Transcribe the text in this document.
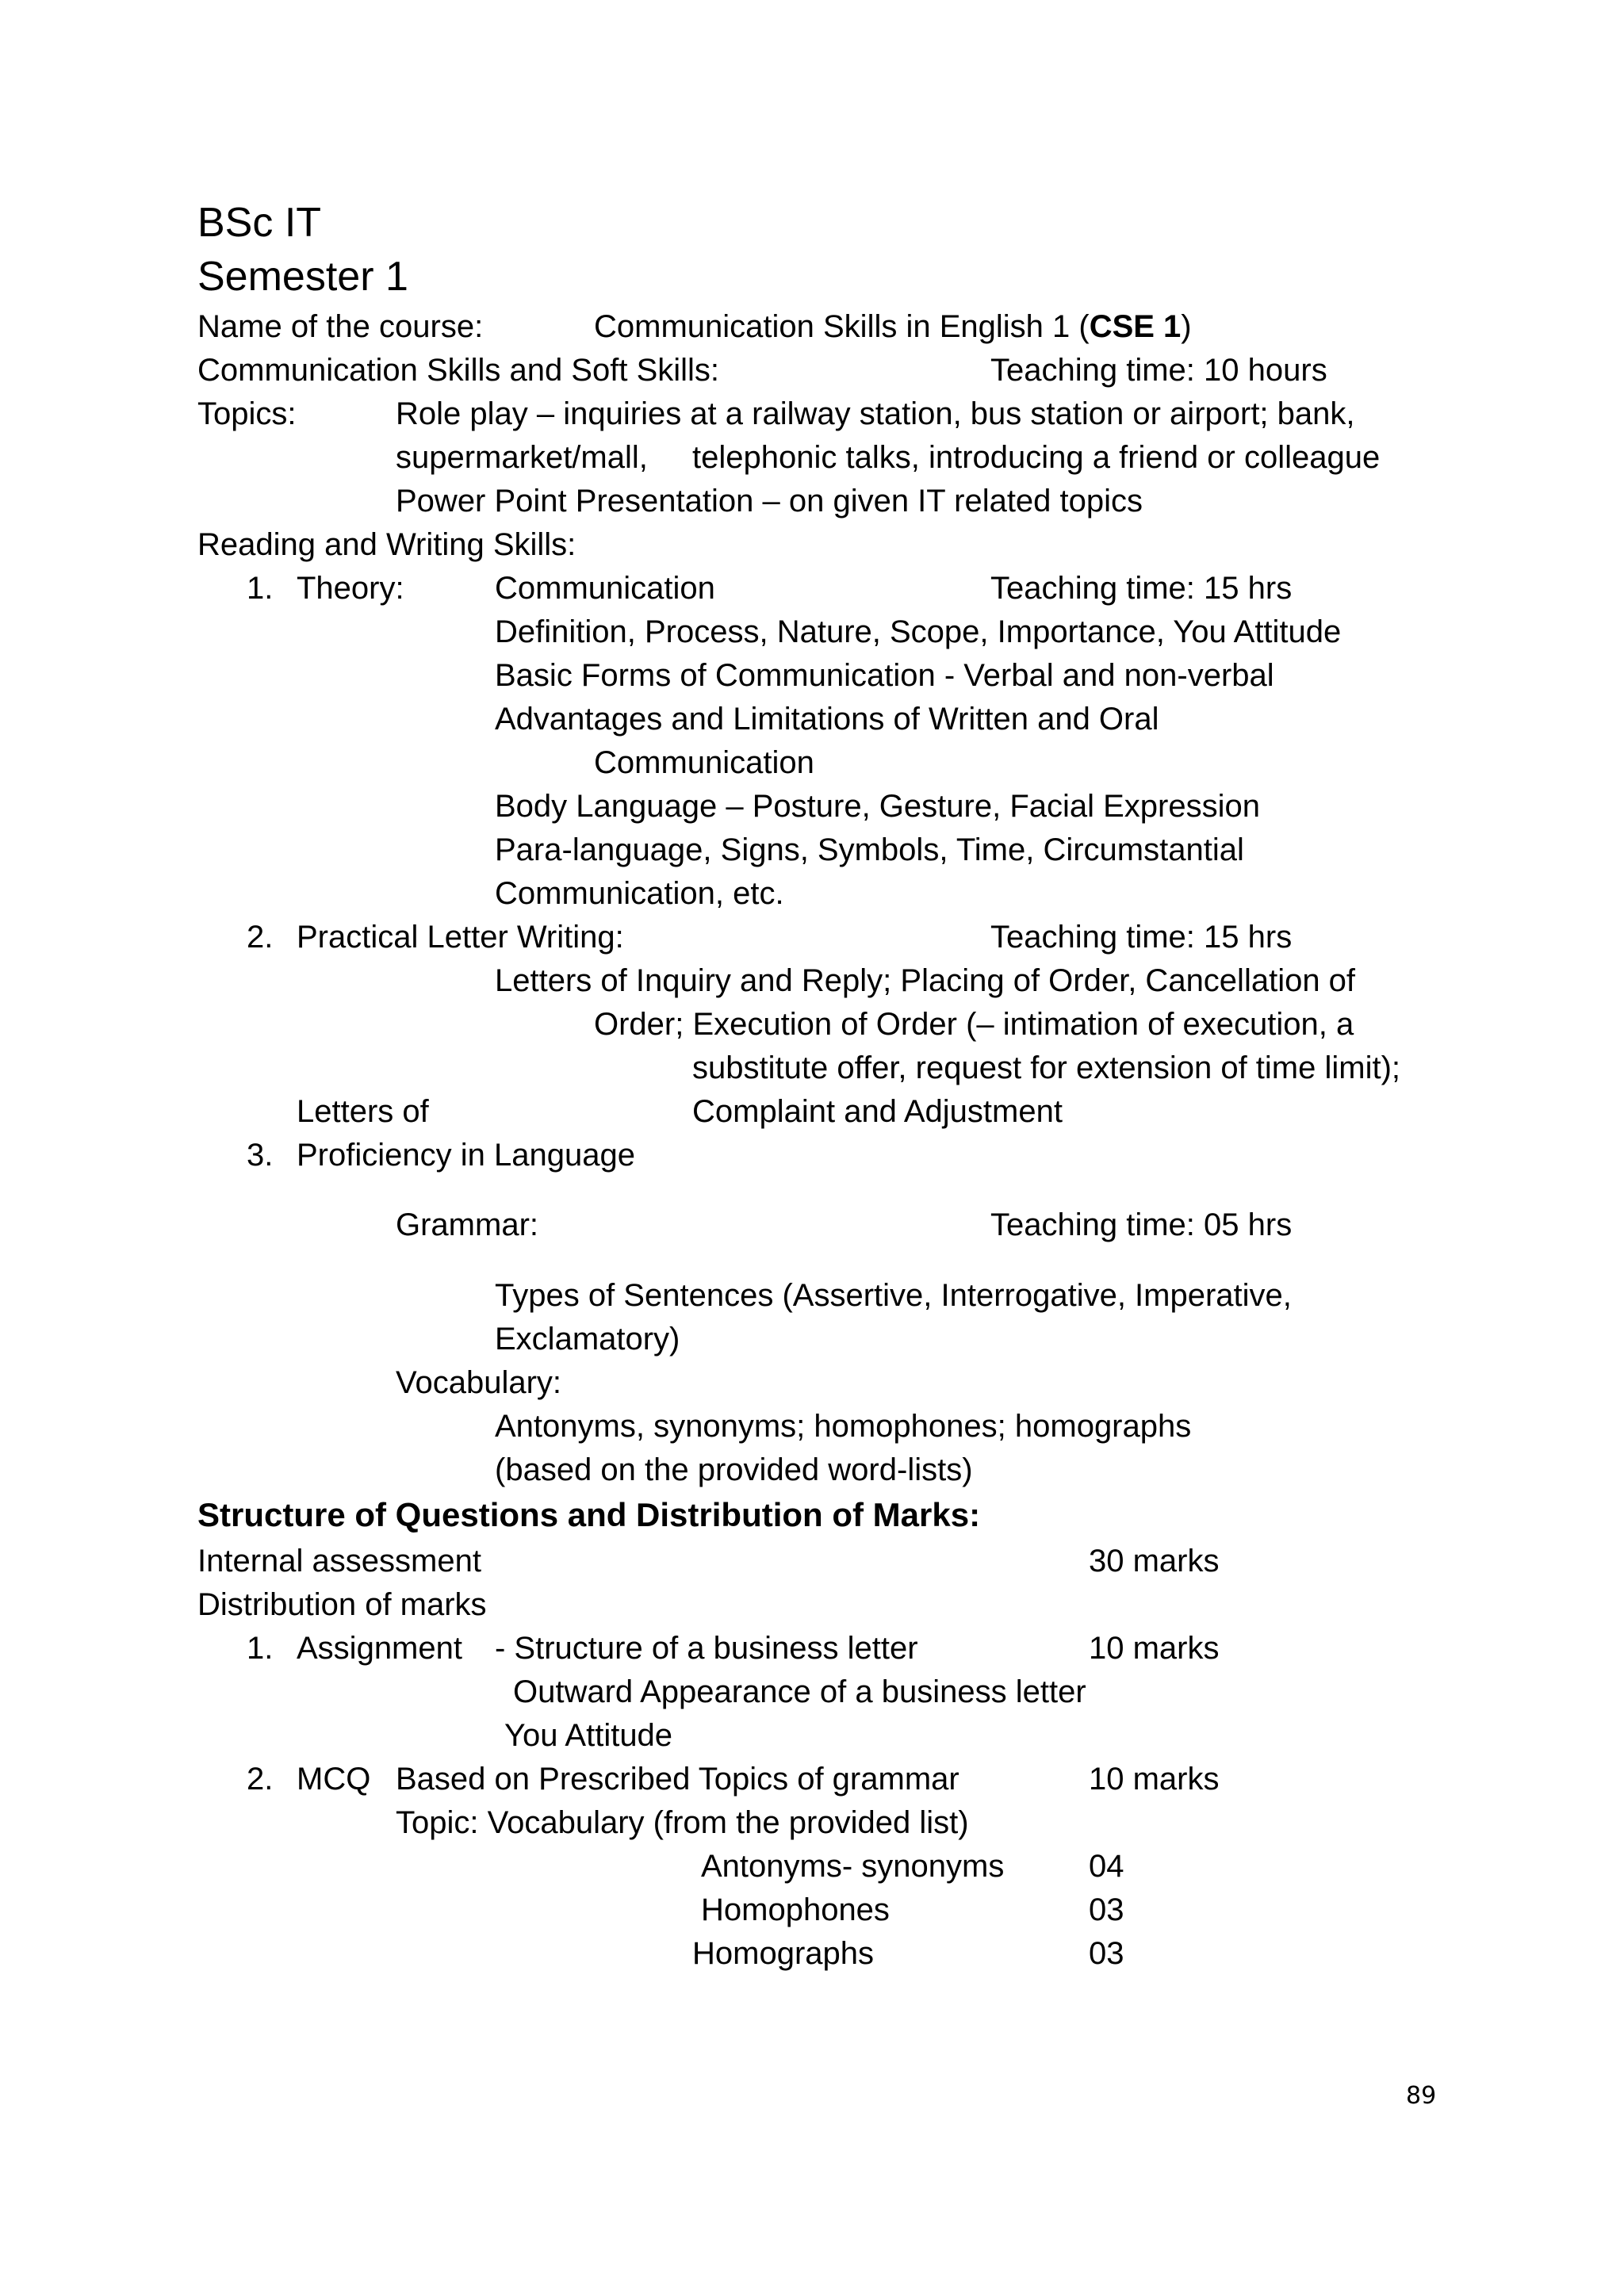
BSc IT
Semester 1
Name of the course:	Communication Skills in English 1 (CSE 1)
Communication Skills and Soft Skills:	Teaching time: 10 hours
Topics:	Role play – inquiries at a railway station, bus station or airport; bank,
supermarket/mall, telephonic talks, introducing a friend or colleague
Power Point Presentation – on given IT related topics
Reading and Writing Skills:
1. Theory:	Communication	Teaching time: 15 hrs
Definition, Process, Nature, Scope, Importance, You Attitude
Basic Forms of Communication - Verbal and non-verbal
Advantages and Limitations of Written and Oral
Communication
Body Language – Posture, Gesture, Facial Expression
Para-language, Signs, Symbols, Time, Circumstantial
Communication, etc.
2. Practical Letter Writing:	Teaching time: 15 hrs
Letters of Inquiry and Reply; Placing of Order, Cancellation of
Order; Execution of Order (– intimation of execution, a
substitute offer, request for extension of time limit);
Letters of	Complaint and Adjustment
3. Proficiency in Language
Grammar:	Teaching time: 05 hrs
Types of Sentences (Assertive, Interrogative, Imperative,
Exclamatory)
Vocabulary:
Antonyms, synonyms; homophones; homographs
(based on the provided word-lists)
Structure of Questions and Distribution of Marks:
Internal assessment	30 marks
Distribution of marks
1. Assignment - Structure of a business letter	10 marks
Outward Appearance of a business letter
You Attitude
2. MCQ Based on Prescribed Topics of grammar	10 marks
Topic: Vocabulary (from the provided list)
Antonyms- synonyms	04
Homophones	03
Homographs	03
89
